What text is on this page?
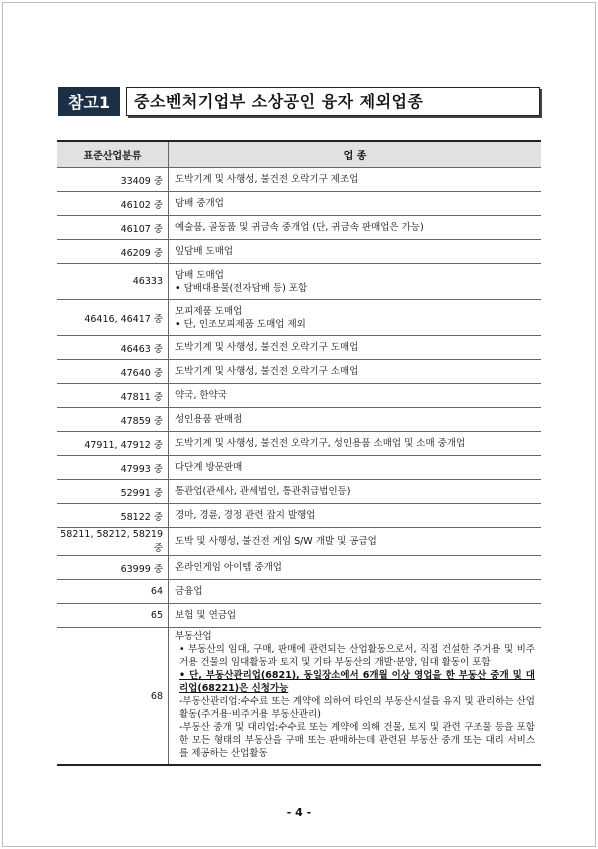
참고1	중소벤처기업부 소상공인 융자 제외업종
표준산업분류	업 종
33409 중	도박기계 및 사행성, 불건전 오락기구 제조업

46102 중	담배 중개업

46107 중	예술품, 골동품 및 귀금속 중개업 (단, 귀금속 판매업은 가능)

46209 중	잎담배 도매업

46333	담배 도매업
• 담배대용물(전자담배 등) 포함

46416, 46417 중	모피제품 도매업
• 단, 인조모피제품 도매업 제외

46463 중	도박기계 및 사행성, 불건전 오락기구 도매업

47640 중	도박기계 및 사행성, 불건전 오락기구 소매업

47811 중	약국, 한약국

47859 중	성인용품 판매점

47911, 47912 중	도박기계 및 사행성, 불건전 오락기구, 성인용품 소매업 및 소매 중개업

47993 중	다단계 방문판매

52991 중	통관업(관세사, 관세법인, 통관취급법인등)

58122 중	경마, 경륜, 경정 관련 잡지 발행업

58211, 58212, 58219 중	도박 및 사행성, 불건전 게임 S/W 개발 및 공급업

63999 중	온라인게임 아이템 중개업

64	금융업

65	보험 및 연금업

68	부동산업
• 부동산의 임대, 구매, 판매에 관련되는 산업활동으로서, 직접 건설한 주거용 및 비주거용 건물의 임대활동과 토지 및 기타 부동산의 개발·분양, 임대 활동이 포함
• 단, 부동산관리업(6821), 동일장소에서 6개월 이상 영업을 한 부동산 중개 및 대리업(68221)은 신청가능
-부동산관리업:수수료 또는 계약에 의하여 타인의 부동산시설을 유지 및 관리하는 산업활동(주거용·비주거용 부동산관리)
-부동산 중개 및 대리업:수수료 또는 계약에 의해 건물, 토지 및 관련 구조물 등을 포함한 모든 형태의 부동산을 구매 또는 판매하는데 관련된 부동산 중개 또는 대리 서비스를 제공하는 산업활동
- 4 -
